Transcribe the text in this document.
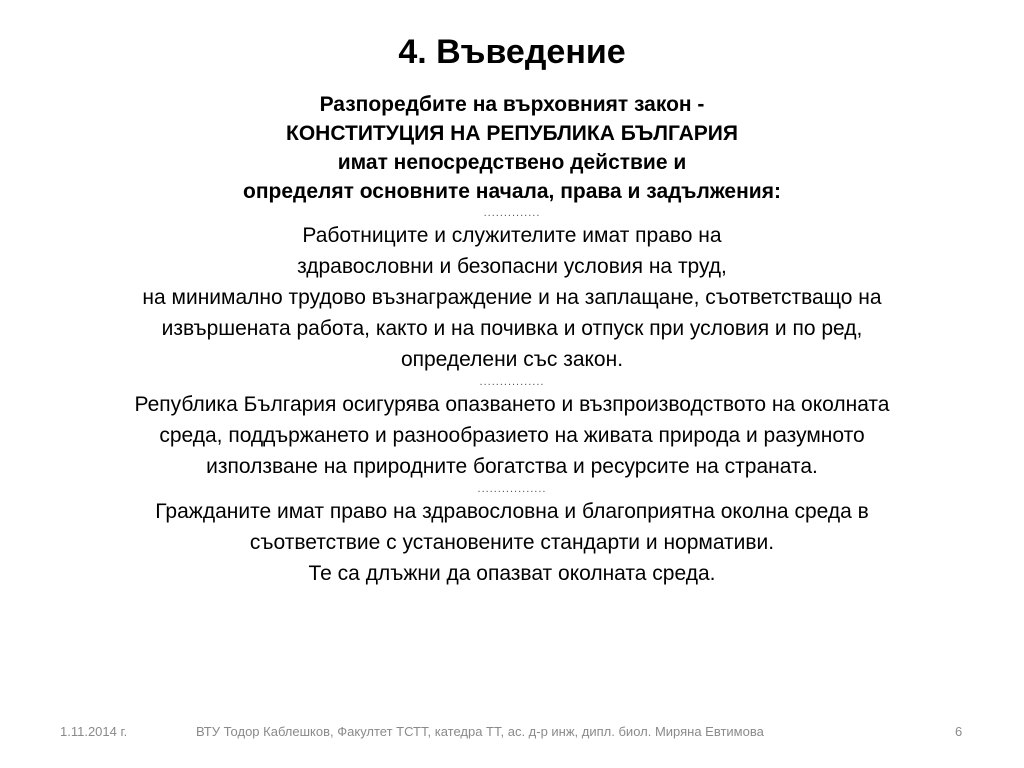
4. Въведение
Разпоредбите на върховният закон -
КОНСТИТУЦИЯ НА РЕПУБЛИКА БЪЛГАРИЯ
имат непосредствено действие и
определят основните начала, права и задължения:
..............
Работниците и служителите имат право на
здравословни и безопасни условия на труд,
на минимално трудово възнаграждение и на заплащане, съответстващо на
извършената работа, както и на почивка и отпуск при условия и по ред,
определени със закон.
................
Република България осигурява опазването и възпроизводството на околната
среда, поддържането и разнообразието на живата природа и разумното
използване на природните богатства и ресурсите на страната.
.................
Гражданите имат право на здравословна и благоприятна околна среда в
съответствие с установените стандарти и нормативи.
Те са длъжни да опазват околната среда.
1.11.2014 г.	ВТУ Тодор Каблешков, Факултет ТСТТ, катедра ТТ, ас. д-р инж, дипл. биол. Миряна Евтимова	6
